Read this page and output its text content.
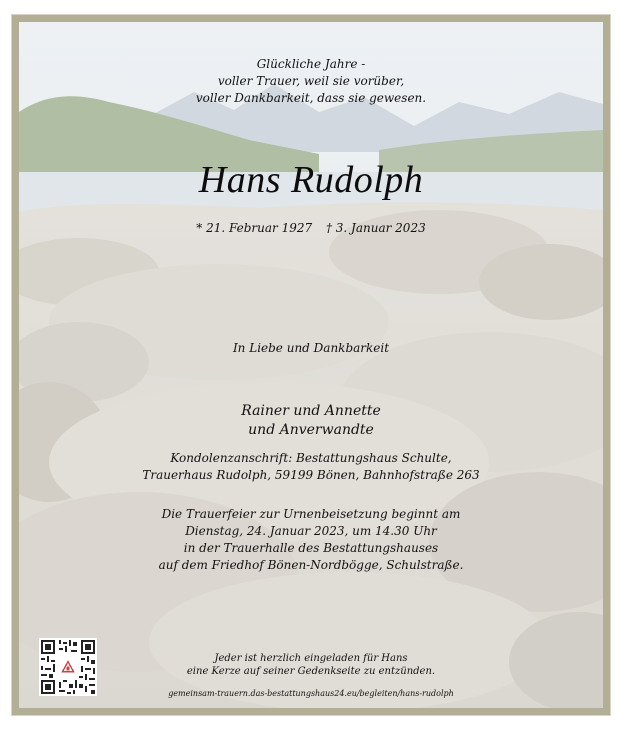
Glückliche Jahre -
voller Trauer, weil sie vorüber,
voller Dankbarkeit, dass sie gewesen.
Hans Rudolph
* 21. Februar 1927 † 3. Januar 2023
In Liebe und Dankbarkeit
Rainer und Annette
und Anverwandte
Kondolenzanschrift: Bestattungshaus Schulte,
Trauerhaus Rudolph, 59199 Bönen, Bahnhofstraße 263
Die Trauerfeier zur Urnenbeisetzung beginnt am
Dienstag, 24. Januar 2023, um 14.30 Uhr
in der Trauerhalle des Bestattungshauses
auf dem Friedhof Bönen-Nordbögge, Schulstraße.
Jeder ist herzlich eingeladen für Hans
eine Kerze auf seiner Gedenkseite zu entzünden.
gemeinsam-trauern.das-bestattungshaus24.eu/begleiten/hans-rudolph
